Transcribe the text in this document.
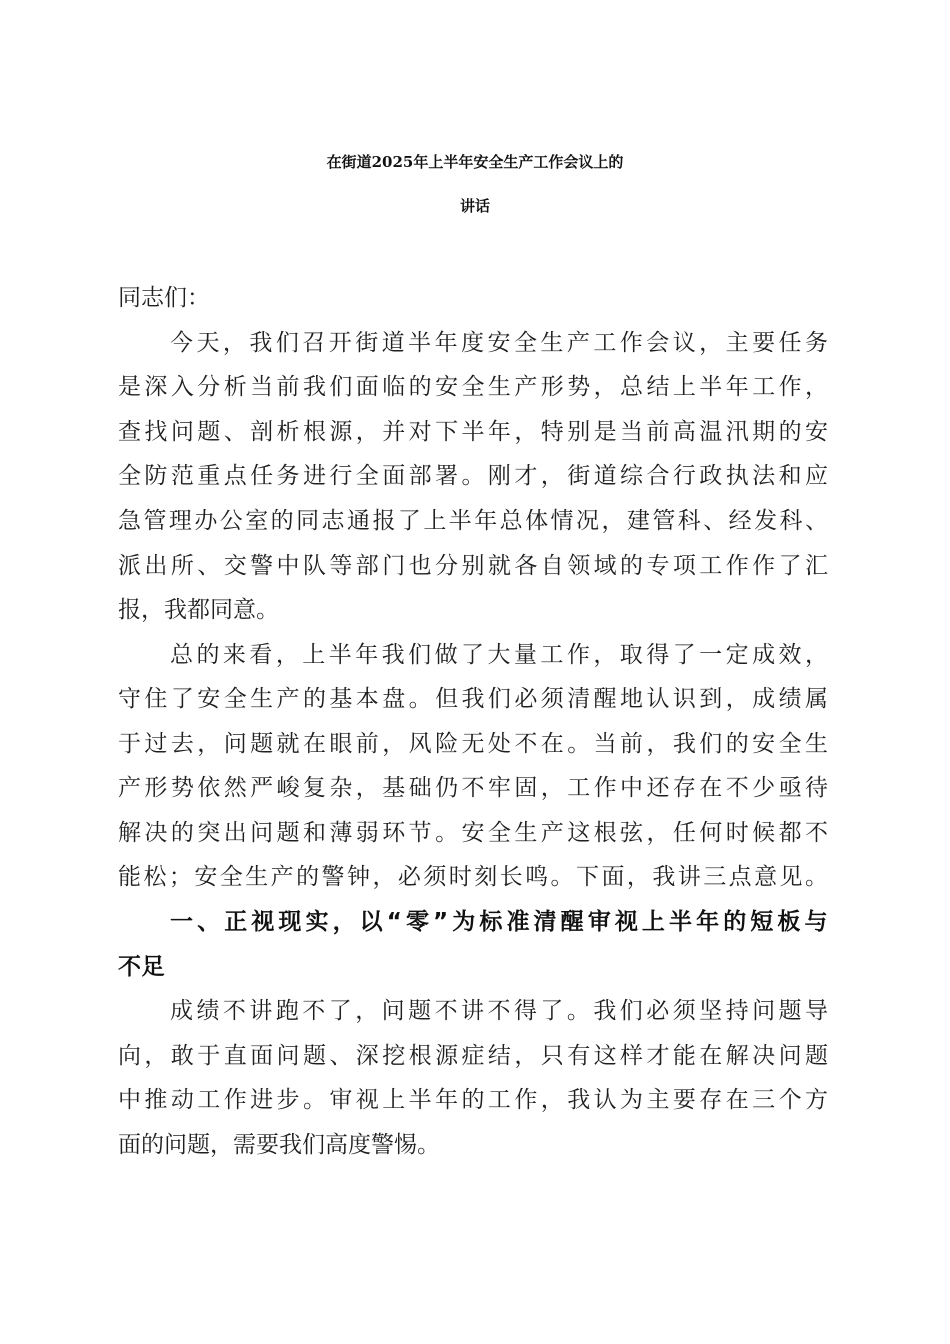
在街道2025年上半年安全生产工作会议上的
讲话
同志们：
今天，我们召开街道半年度安全生产工作会议，主要任务
是深入分析当前我们面临的安全生产形势，总结上半年工作，
查找问题、剖析根源，并对下半年，特别是当前高温汛期的安
全防范重点任务进行全面部署。刚才，街道综合行政执法和应
急管理办公室的同志通报了上半年总体情况，建管科、经发科、
派出所、交警中队等部门也分别就各自领域的专项工作作了汇
报，我都同意。
总的来看，上半年我们做了大量工作，取得了一定成效，
守住了安全生产的基本盘。但我们必须清醒地认识到，成绩属
于过去，问题就在眼前，风险无处不在。当前，我们的安全生
产形势依然严峻复杂，基础仍不牢固，工作中还存在不少亟待
解决的突出问题和薄弱环节。安全生产这根弦，任何时候都不
能松；安全生产的警钟，必须时刻长鸣。下面，我讲三点意见。
一、正视现实，以“零”为标准清醒审视上半年的短板与
不足
成绩不讲跑不了，问题不讲不得了。我们必须坚持问题导
向，敢于直面问题、深挖根源症结，只有这样才能在解决问题
中推动工作进步。审视上半年的工作，我认为主要存在三个方
面的问题，需要我们高度警惕。
